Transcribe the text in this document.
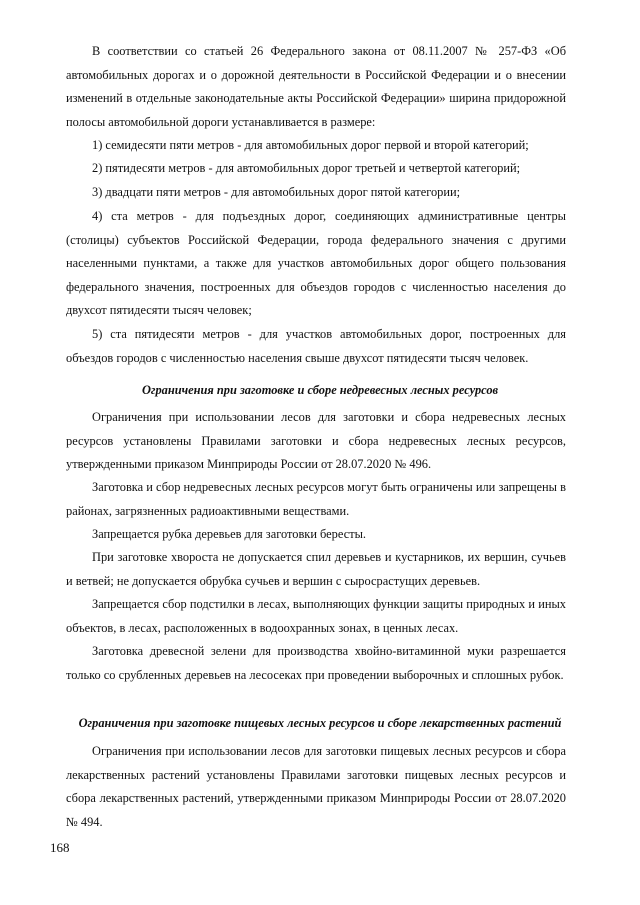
В соответствии со статьей 26 Федерального закона от 08.11.2007 № 257-ФЗ «Об автомобильных дорогах и о дорожной деятельности в Российской Федерации и о внесении изменений в отдельные законодательные акты Российской Федерации» ширина придорожной полосы автомобильной дороги устанавливается в размере:

1) семидесяти пяти метров - для автомобильных дорог первой и второй категорий;

2) пятидесяти метров - для автомобильных дорог третьей и четвертой категорий;

3) двадцати пяти метров - для автомобильных дорог пятой категории;

4) ста метров - для подъездных дорог, соединяющих административные центры (столицы) субъектов Российской Федерации, города федерального значения с другими населенными пунктами, а также для участков автомобильных дорог общего пользования федерального значения, построенных для объездов городов с численностью населения до двухсот пятидесяти тысяч человек;

5) ста пятидесяти метров - для участков автомобильных дорог, построенных для объездов городов с численностью населения свыше двухсот пятидесяти тысяч человек.

Ограничения при заготовке и сборе недревесных лесных ресурсов

Ограничения при использовании лесов для заготовки и сбора недревесных лесных ресурсов установлены Правилами заготовки и сбора недревесных лесных ресурсов, утвержденными приказом Минприроды России от 28.07.2020 № 496.

Заготовка и сбор недревесных лесных ресурсов могут быть ограничены или запрещены в районах, загрязненных радиоактивными веществами.

Запрещается рубка деревьев для заготовки бересты.

При заготовке хвороста не допускается спил деревьев и кустарников, их вершин, сучьев и ветвей; не допускается обрубка сучьев и вершин с сыросрастущих деревьев.

Запрещается сбор подстилки в лесах, выполняющих функции защиты природных и иных объектов, в лесах, расположенных в водоохранных зонах, в ценных лесах.

Заготовка древесной зелени для производства хвойно-витаминной муки разрешается только со срубленных деревьев на лесосеках при проведении выборочных и сплошных рубок.

Ограничения при заготовке пищевых лесных ресурсов и сборе лекарственных растений

Ограничения при использовании лесов для заготовки пищевых лесных ресурсов и сбора лекарственных растений установлены Правилами заготовки пищевых лесных ресурсов и сбора лекарственных растений, утвержденными приказом Минприроды России от 28.07.2020 № 494.

168
